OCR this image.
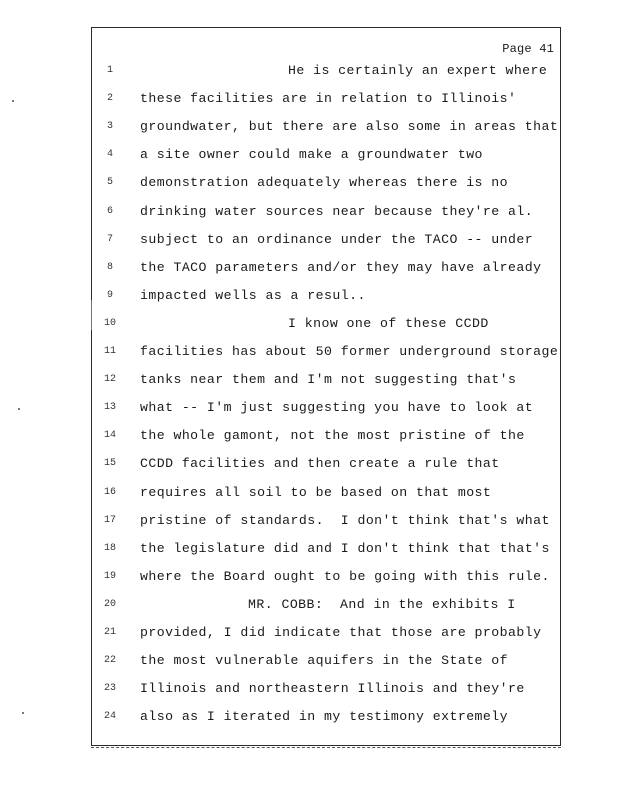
Page 41
1	He is certainly an expert where
2	these facilities are in relation to Illinois'
3	groundwater, but there are also some in areas that
4	a site owner could make a groundwater two
5	demonstration adequately whereas there is no
6	drinking water sources near because they're al.
7	subject to an ordinance under the TACO -- under
8	the TACO parameters and/or they may have already
9	impacted wells as a resul..
10	I know one of these CCDD
11	facilities has about 50 former underground storage
12	tanks near them and I'm not suggesting that's
13	what -- I'm just suggesting you have to look at
14	the whole gamont, not the most pristine of the
15	CCDD facilities and then create a rule that
16	requires all soil to be based on that most
17	pristine of standards.  I don't think that's what
18	the legislature did and I don't think that that's
19	where the Board ought to be going with this rule.
20	MR. COBB:  And in the exhibits I
21	provided, I did indicate that those are probably
22	the most vulnerable aquifers in the State of
23	Illinois and northeastern Illinois and they're
24	also as I iterated in my testimony extremely
